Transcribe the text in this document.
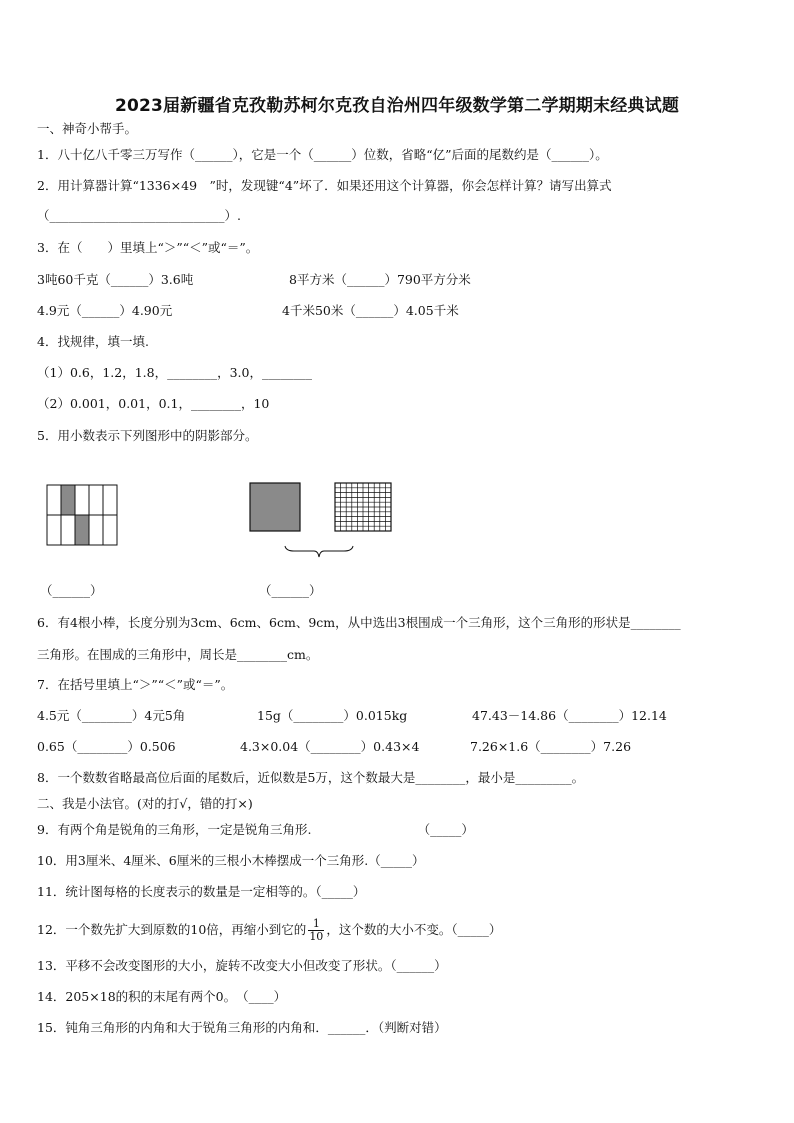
2023届新疆省克孜勒苏柯尔克孜自治州四年级数学第二学期期末经典试题
一、神奇小帮手。
1．八十亿八千零三万写作（______），它是一个（______）位数，省略“亿”后面的尾数约是（______）。
2．用计算器计算“1336×49　”时，发现键“4”坏了．如果还用这个计算器，你会怎样计算？请写出算式
（____________________________）.
3．在（　　）里填上“＞”“＜”或“＝”。
3吨60千克（______）3.6吨	8平方米（______）790平方分米
4.9元（______）4.90元	4千米50米（______）4.05千米
4．找规律，填一填.
（1）0.6，1.2，1.8，________，3.0，________
（2）0.001，0.01，0.1，________，10
5．用小数表示下列图形中的阴影部分。
（______）	（______）
6．有4根小棒，长度分别为3cm、6cm、6cm、9cm，从中选出3根围成一个三角形，这个三角形的形状是________
三角形。在围成的三角形中，周长是________cm。
7．在括号里填上“＞”“＜”或“＝”。
4.5元（________）4元5角	15g（________）0.015kg	47.43－14.86（________）12.14
0.65（________）0.506	4.3×0.04（________）0.43×4	7.26×1.6（________）7.26
8．一个数数省略最高位后面的尾数后，近似数是5万，这个数最大是________，最小是_________。
二、我是小法官。(对的打√，错的打×)
9．有两个角是锐角的三角形，一定是锐角三角形.　　　　　　　　　（_____）
10．用3厘米、4厘米、6厘米的三根小木棒摆成一个三角形.（_____）
11．统计图每格的长度表示的数量是一定相等的。（_____）
12．一个数先扩大到原数的10倍，再缩小到它的 $\frac{1}{10}$ ，这个数的大小不变。（_____）
13．平移不会改变图形的大小，旋转不改变大小但改变了形状。（______）
14．205×18的积的末尾有两个0。　（____）
15．钝角三角形的内角和大于锐角三角形的内角和．______．（判断对错）
